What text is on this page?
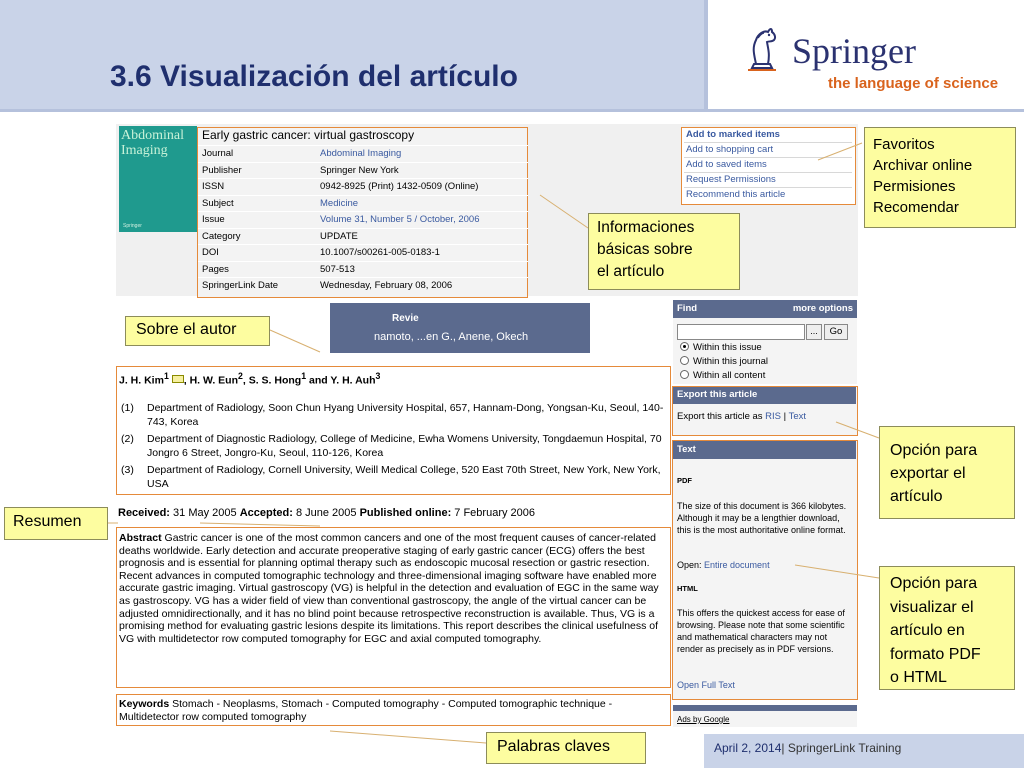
3.6 Visualización del artículo
Springer
the language of science
Abdominal Imaging
Springer
Early gastric cancer: virtual gastroscopy
Journal	Abdominal Imaging
Publisher	Springer New York
ISSN	0942-8925 (Print) 1432-0509 (Online)
Subject	Medicine
Issue	Volume 31, Number 5 / October, 2006
Category	UPDATE
DOI	10.1007/s00261-005-0183-1
Pages	507-513
SpringerLink Date	Wednesday, February 08, 2006
Add to marked items
Add to shopping cart
Add to saved items
Request Permissions
Recommend this article
Revie
namoto, ...en G., Anene, Okech
Find	more options
...	Go
Within this issue
Within this journal
Within all content
Export this article
Export this article as RIS | Text
Text
PDF
The size of this document is 366 kilobytes. Although it may be a lengthier download, this is the most authoritative online format.
Open: Entire document
HTML
This offers the quickest access for ease of browsing. Please note that some scientific and mathematical characters may not render as precisely as in PDF versions.
Open Full Text
Ads by Google
J. H. Kim$^1$ , H. W. Eun$^2$, S. S. Hong$^1$ and Y. H. Auh$^3$
(1)	Department of Radiology, Soon Chun Hyang University Hospital, 657, Hannam-Dong, Yongsan-Ku, Seoul, 140-743, Korea
(2)	Department of Diagnostic Radiology, College of Medicine, Ewha Womens University, Tongdaemun Hospital, 70 Jongro 6 Street, Jongro-Ku, Seoul, 110-126, Korea
(3)	Department of Radiology, Cornell University, Weill Medical College, 520 East 70th Street, New York, New York, USA
Received: 31 May 2005 Accepted: 8 June 2005 Published online: 7 February 2006
Abstract Gastric cancer is one of the most common cancers and one of the most frequent causes of cancer-related deaths worldwide. Early detection and accurate preoperative staging of early gastric cancer (ECG) offers the best prognosis and is essential for planning optimal therapy such as endoscopic mucosal resection or gastric resection. Recent advances in computed tomographic technology and three-dimensional imaging software have enabled more accurate gastric imaging. Virtual gastroscopy (VG) is helpful in the detection and evaluation of EGC in the same way as gastroscopy. VG has a wider field of view than conventional gastroscopy, the angle of the virtual cancer can be adjusted omnidirectionally, and it has no blind point because retrospective reconstruction is available. Thus, VG is a promising method for evaluating gastric lesions despite its limitations. This report describes the clinical usefulness of VG with multidetector row computed tomography for EGC and axial computed tomography.
Keywords Stomach - Neoplasms, Stomach - Computed tomography - Computed tomographic technique - Multidetector row computed tomography
Favoritos
Archivar online
Permisiones
Recomendar
Informaciones
básicas sobre
el artículo
Sobre el autor
Resumen
Opción para
exportar el
artículo
Opción para
visualizar el
artículo en
formato PDF
o HTML
Palabras claves	April 2, 2014| SpringerLink Training
